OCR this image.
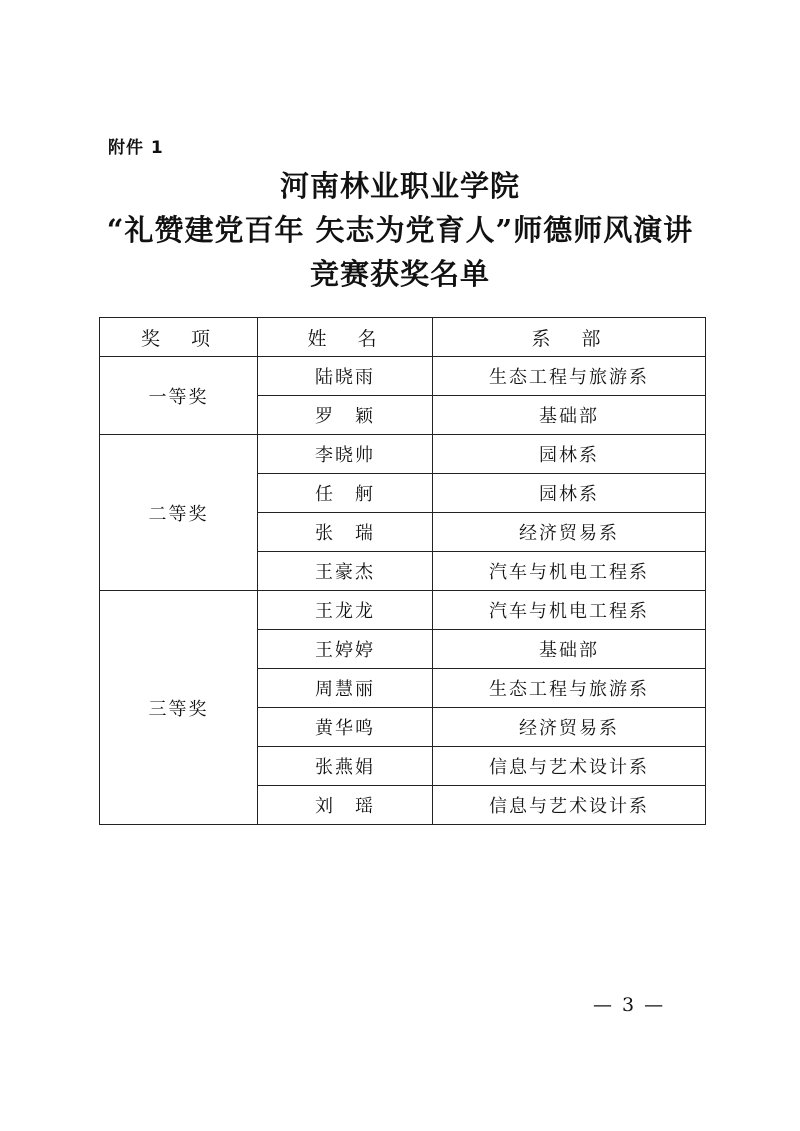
附件 1
河南林业职业学院
“礼赞建党百年 矢志为党育人”师德师风演讲
竞赛获奖名单
奖　项	姓　名	系　部
一等奖	陆晓雨	生态工程与旅游系
	罗　颖	基础部
二等奖	李晓帅	园林系
	任　舸	园林系
	张　瑞	经济贸易系
	王豪杰	汽车与机电工程系
三等奖	王龙龙	汽车与机电工程系
	王婷婷	基础部
	周慧丽	生态工程与旅游系
	黄华鸣	经济贸易系
	张燕娟	信息与艺术设计系
	刘　瑶	信息与艺术设计系
— 3 —
